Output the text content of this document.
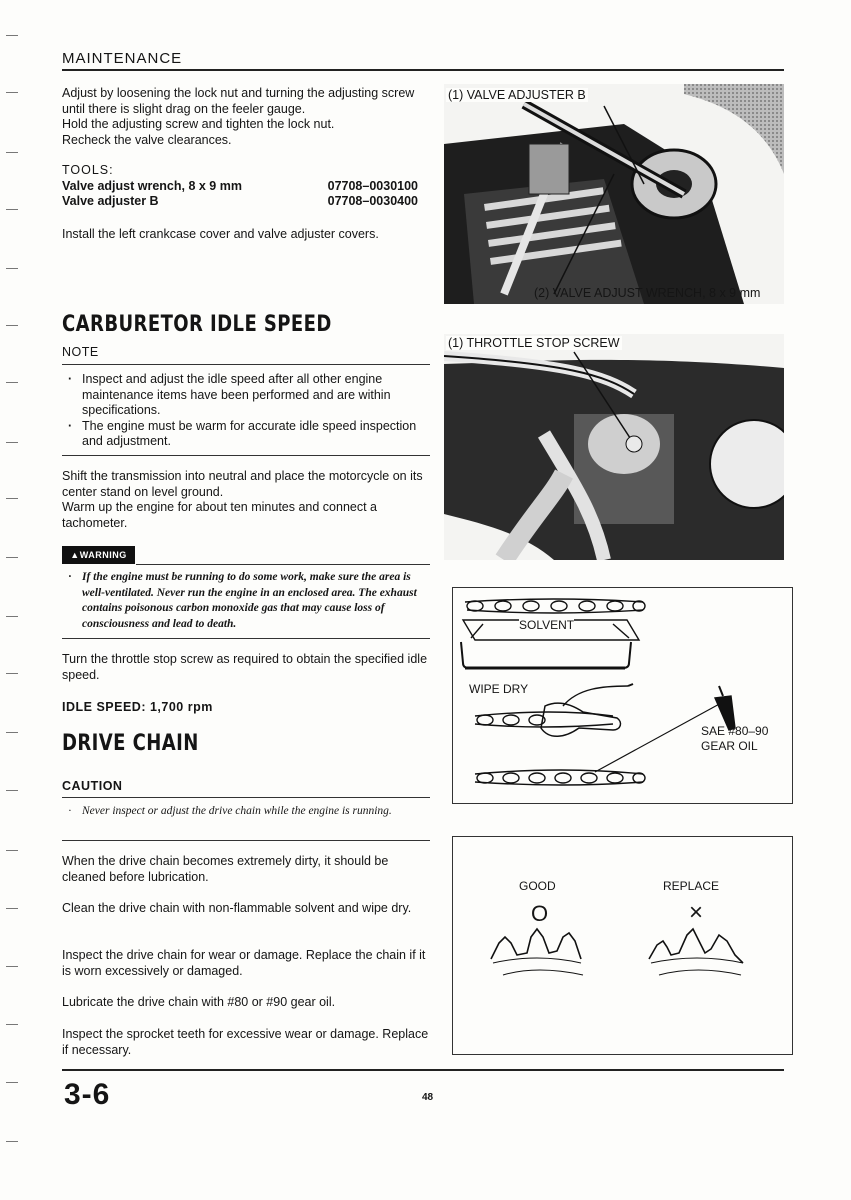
MAINTENANCE

Adjust by loosening the lock nut and turning the adjusting screw until there is slight drag on the feeler gauge.

Hold the adjusting screw and tighten the lock nut.

Recheck the valve clearances.

TOOLS:
Valve adjust wrench, 8 x 9 mm	07708–0030100
Valve adjuster B	07708–0030400
Install the left crankcase cover and valve adjuster covers.
CARBURETOR IDLE SPEED
NOTE
· Inspect and adjust the idle speed after all other engine maintenance items have been performed and are within specifications.
· The engine must be warm for accurate idle speed inspection and adjustment.
Shift the transmission into neutral and place the motorcycle on its center stand on level ground.
Warm up the engine for about ten minutes and connect a tachometer.
▲WARNING
· If the engine must be running to do some work, make sure the area is well-ventilated. Never run the engine in an enclosed area. The exhaust contains poisonous carbon monoxide gas that may cause loss of consciousness and lead to death.
Turn the throttle stop screw as required to obtain the specified idle speed.
IDLE SPEED: 1,700 rpm
DRIVE CHAIN
CAUTION
· Never inspect or adjust the drive chain while the engine is running.
When the drive chain becomes extremely dirty, it should be cleaned before lubrication.
Clean the drive chain with non-flammable solvent and wipe dry.
Inspect the drive chain for wear or damage. Replace the chain if it is worn excessively or damaged.
Lubricate the drive chain with #80 or #90 gear oil.
Inspect the sprocket teeth for excessive wear or damage. Replace if necessary.
(1) VALVE ADJUSTER B
(2) VALVE ADJUST WRENCH, 8 x 9 mm
(1) THROTTLE STOP SCREW
SOLVENT
WIPE DRY
SAE #80–90
GEAR OIL
GOOD	REPLACE
O	×
3-6	48
